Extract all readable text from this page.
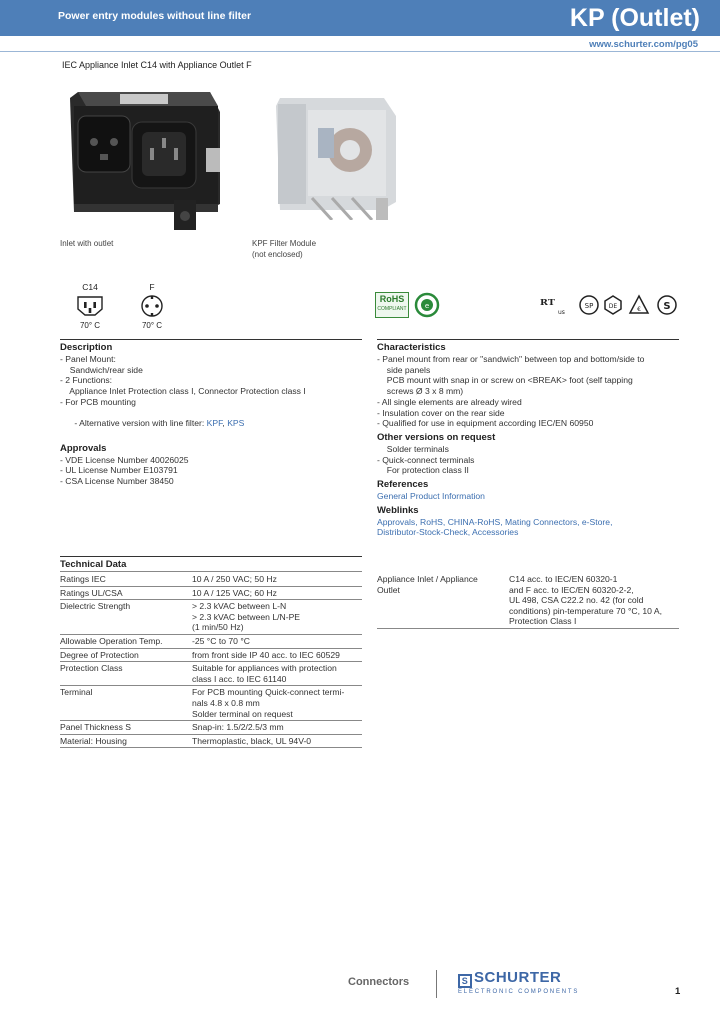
Power entry modules without line filter	KP (Outlet)
www.schurter.com/pg05
IEC Appliance Inlet C14 with Appliance Outlet F
Inlet with outlet	KPF Filter Module
(not enclosed)
C14
70° C
F
70° C
RoHS
COMPLIANT	e	ᴿᵁ us
SP	DE	€ S
Description
- Panel Mount:
Sandwich/rear side
- 2 Functions:
Appliance Inlet Protection class I, Connector Protection class I
- For PCB mounting

- Alternative version with line filter: KPF, KPS

Approvals
- VDE License Number 40026025
- UL License Number E103791
- CSA License Number 38450
Characteristics
- Panel mount from rear or "sandwich" between top and bottom/side to
side panels
PCB mount with snap in or screw on <BREAK> foot (self tapping
screws Ø 3 x 8 mm)
- All single elements are already wired
- Insulation cover on the rear side
- Qualified for use in equipment according IEC/EN 60950
Other versions on request
Solder terminals
- Quick-connect terminals
For protection class II
References
General Product Information
Weblinks
Approvals, RoHS, CHINA-RoHS, Mating Connectors, e-Store,
Distributor-Stock-Check, Accessories
Technical Data
Ratings IEC	10 A / 250 VAC; 50 Hz
Ratings UL/CSA	10 A / 125 VAC; 60 Hz
Dielectric Strength	> 2.3 kVAC between L-N
> 2.3 kVAC between L/N-PE
(1 min/50 Hz)
Allowable Operation Temp.	-25 °C to 70 °C
Degree of Protection	from front side IP 40 acc. to IEC 60529
Protection Class	Suitable for appliances with protection
class I acc. to IEC 61140
Terminal	For PCB mounting Quick-connect termi-
nals 4.8 x 0.8 mm
Solder terminal on request
Panel Thickness S	Snap-in: 1.5/2/2.5/3 mm
Material: Housing	Thermoplastic, black, UL 94V-0
Appliance Inlet / Appliance
Outlet	C14 acc. to IEC/EN 60320-1
and F acc. to IEC/EN 60320-2-2,
UL 498, CSA C22.2 no. 42 (for cold
conditions) pin-temperature 70 °C, 10 A,
Protection Class I
Connectors	S SCHURTER
ELECTRONIC COMPONENTS	1
